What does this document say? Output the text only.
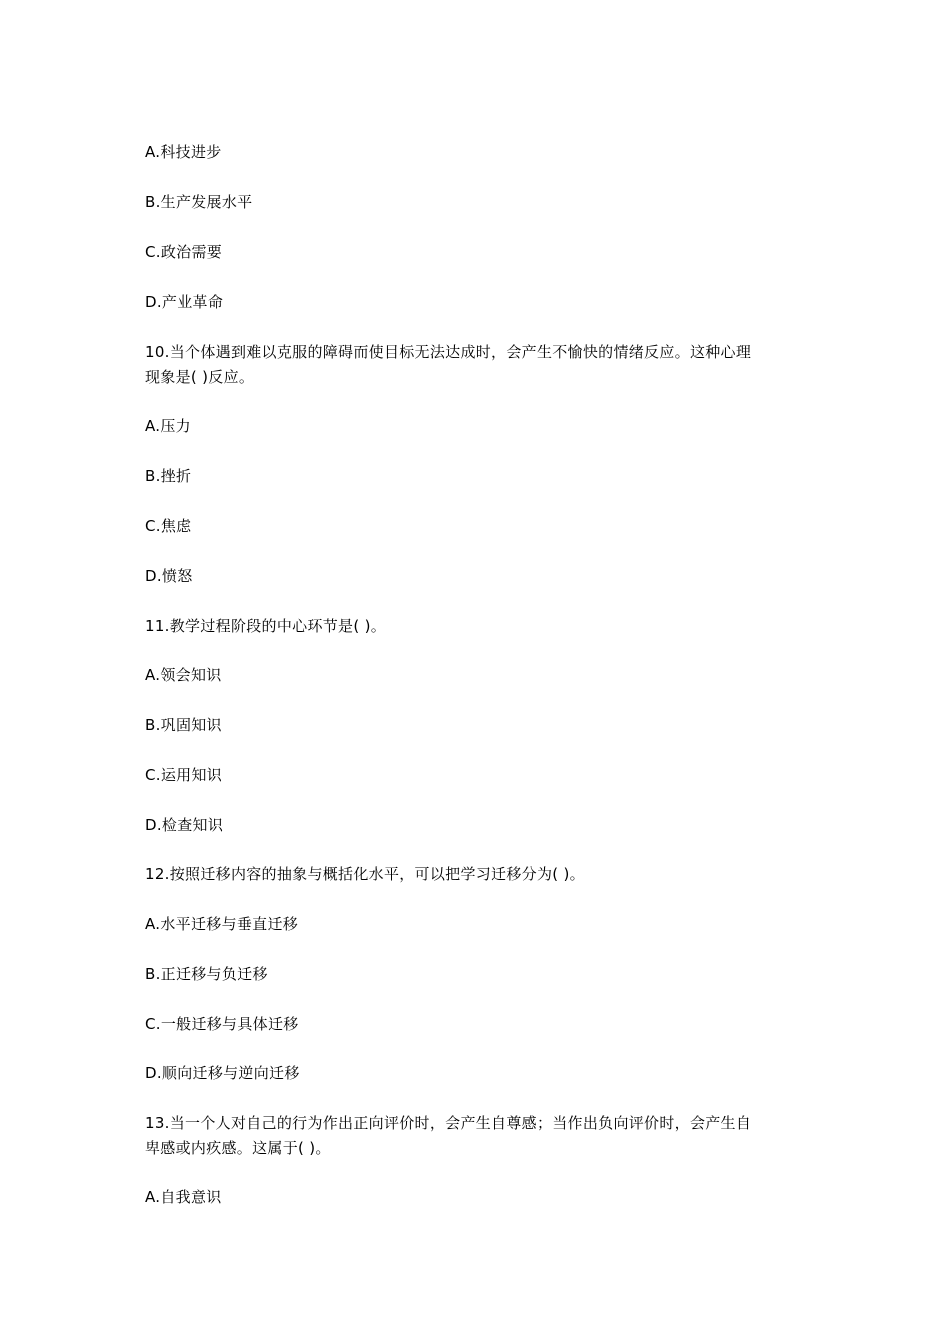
A.科技进步
B.生产发展水平
C.政治需要
D.产业革命
10.当个体遇到难以克服的障碍而使目标无法达成时，会产生不愉快的情绪反应。这种心理
现象是( )反应。
A.压力
B.挫折
C.焦虑
D.愤怒
11.教学过程阶段的中心环节是( )。
A.领会知识
B.巩固知识
C.运用知识
D.检查知识
12.按照迁移内容的抽象与概括化水平，可以把学习迁移分为( )。
A.水平迁移与垂直迁移
B.正迁移与负迁移
C.一般迁移与具体迁移
D.顺向迁移与逆向迁移
13.当一个人对自己的行为作出正向评价时，会产生自尊感；当作出负向评价时，会产生自
卑感或内疚感。这属于( )。
A.自我意识
